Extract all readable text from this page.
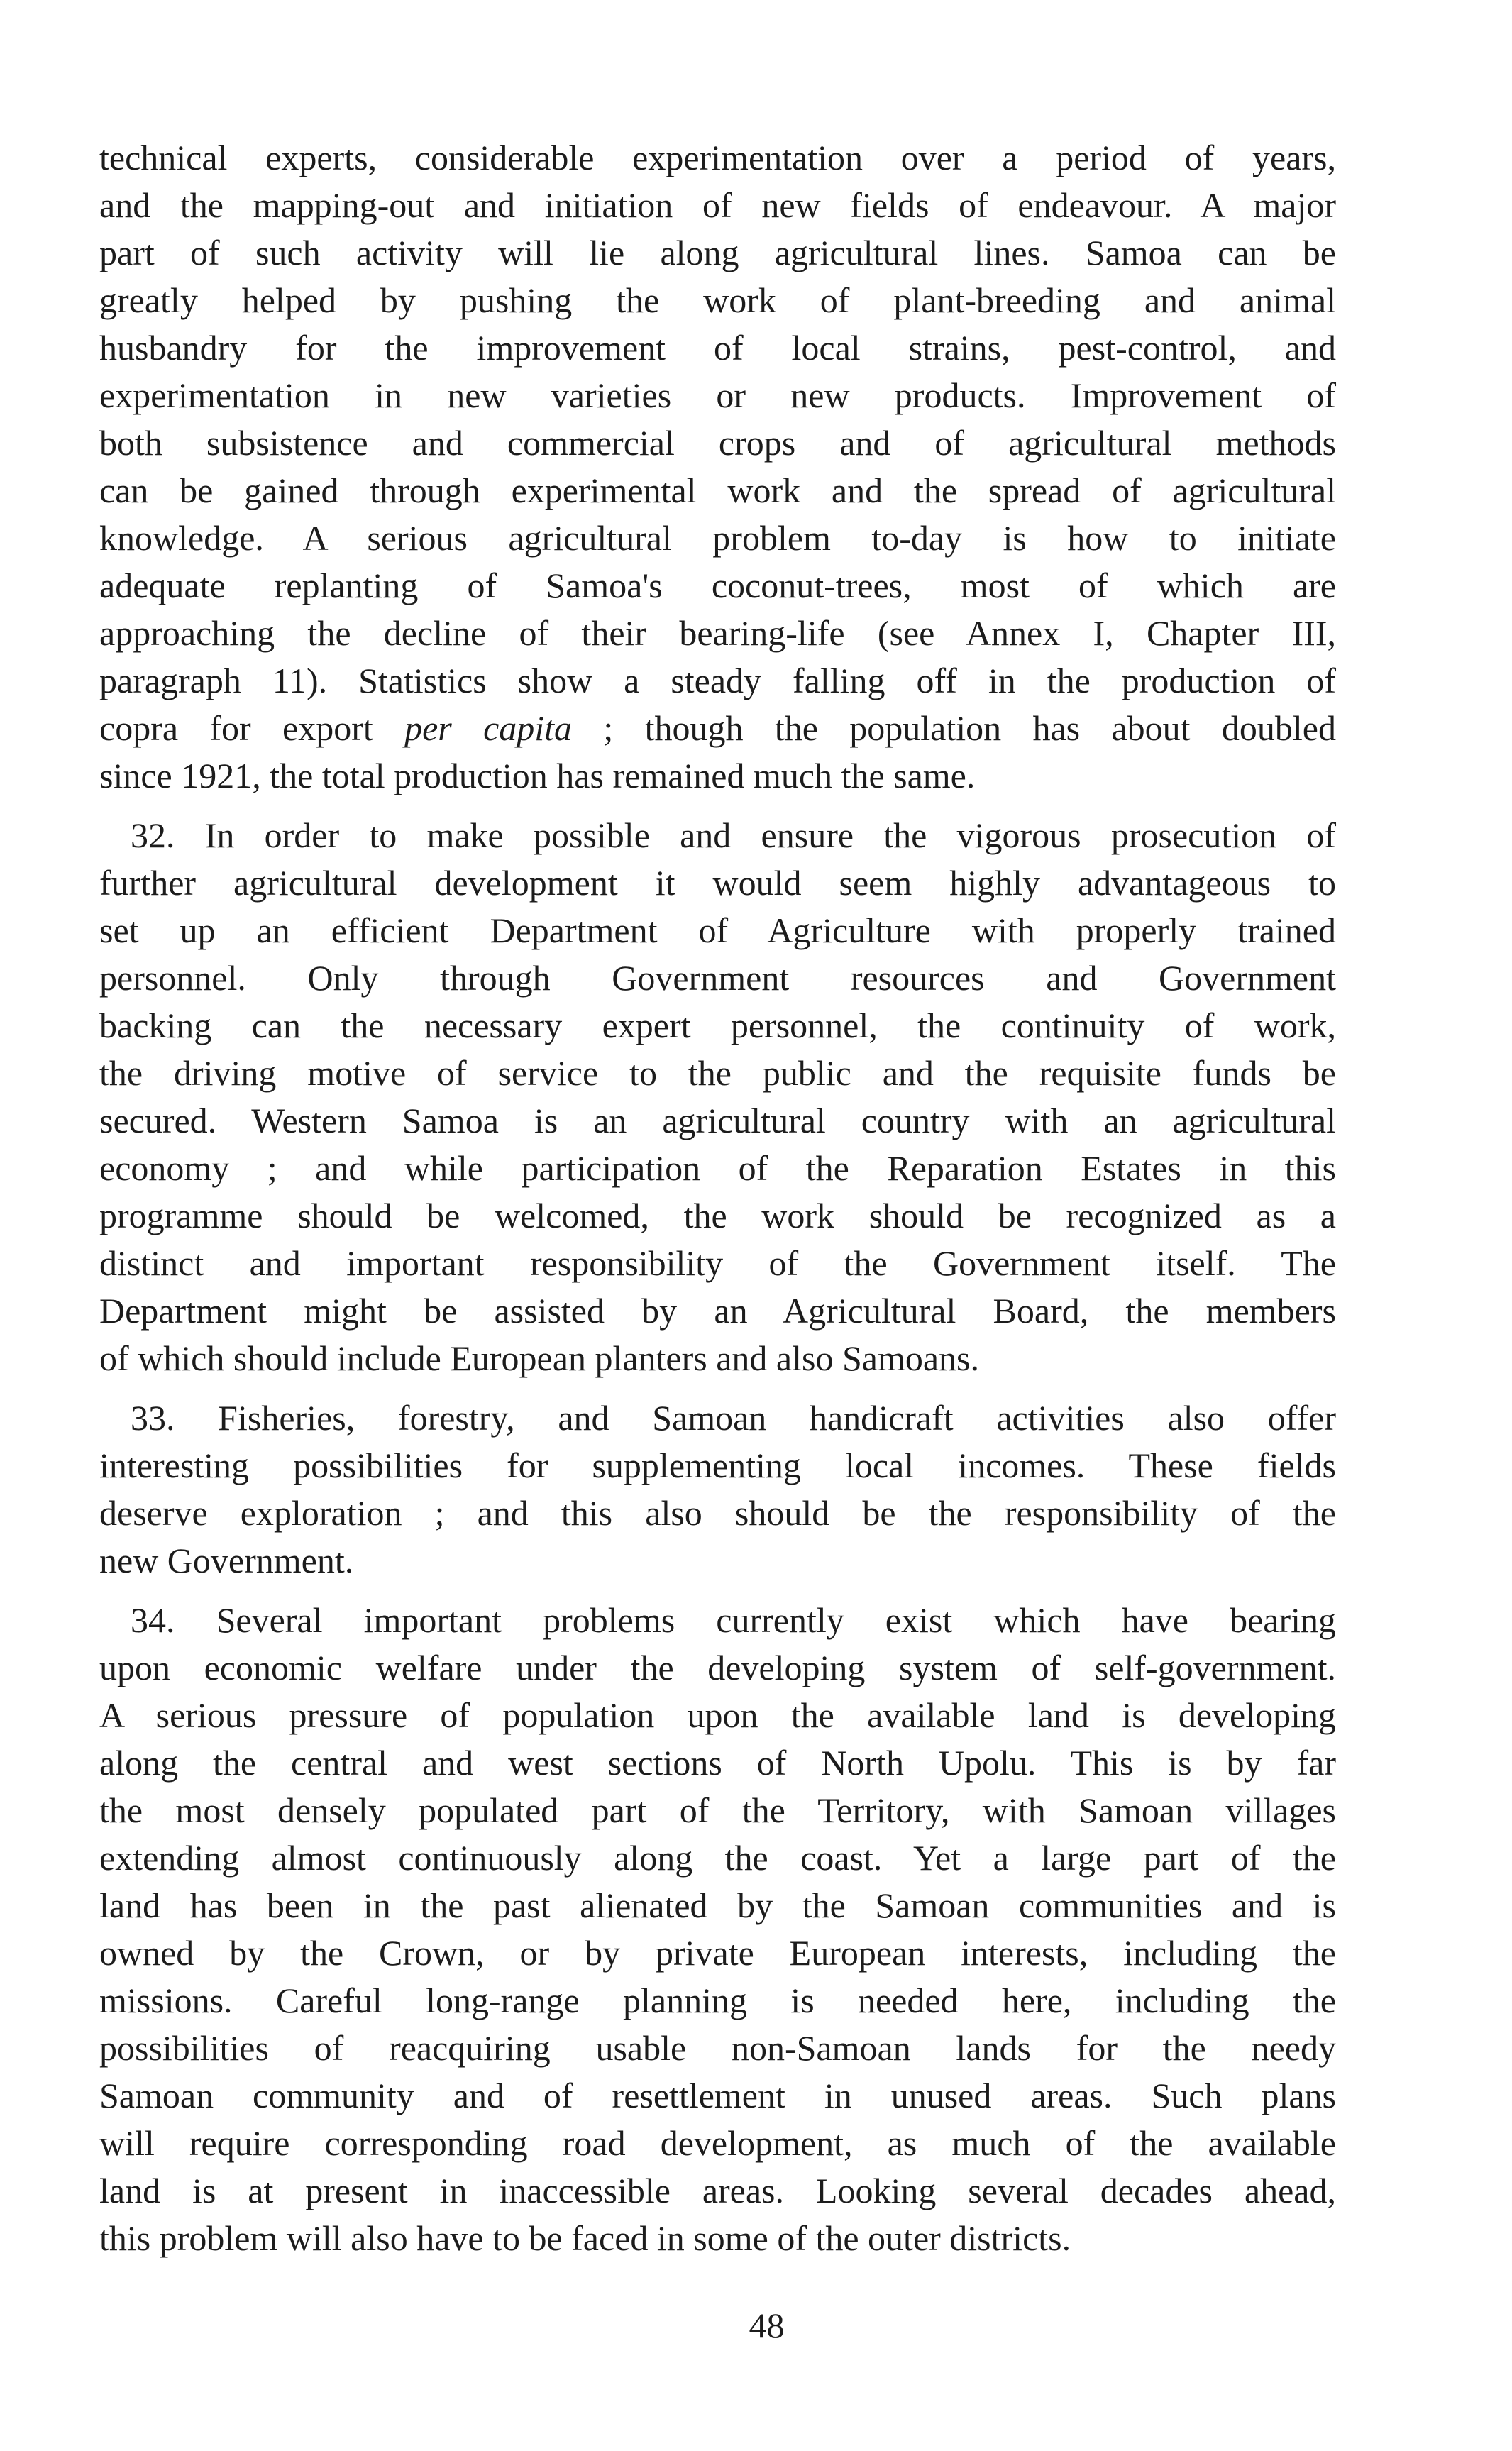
technical experts, considerable experimentation over a period of years,
and the mapping-out and initiation of new fields of endeavour. A major
part of such activity will lie along agricultural lines. Samoa can be
greatly helped by pushing the work of plant-breeding and animal
husbandry for the improvement of local strains, pest-control, and
experimentation in new varieties or new products. Improvement of
both subsistence and commercial crops and of agricultural methods
can be gained through experimental work and the spread of agricultural
knowledge. A serious agricultural problem to-day is how to initiate
adequate replanting of Samoa's coconut-trees, most of which are
approaching the decline of their bearing-life (see Annex I, Chapter III,
paragraph 11). Statistics show a steady falling off in the production of
copra for export per capita ; though the population has about doubled
since 1921, the total production has remained much the same.
32. In order to make possible and ensure the vigorous prosecution of
further agricultural development it would seem highly advantageous to
set up an efficient Department of Agriculture with properly trained
personnel. Only through Government resources and Government
backing can the necessary expert personnel, the continuity of work,
the driving motive of service to the public and the requisite funds be
secured. Western Samoa is an agricultural country with an agricultural
economy ; and while participation of the Reparation Estates in this
programme should be welcomed, the work should be recognized as a
distinct and important responsibility of the Government itself. The
Department might be assisted by an Agricultural Board, the members
of which should include European planters and also Samoans.
33. Fisheries, forestry, and Samoan handicraft activities also offer
interesting possibilities for supplementing local incomes. These fields
deserve exploration ; and this also should be the responsibility of the
new Government.
34. Several important problems currently exist which have bearing
upon economic welfare under the developing system of self-government.
A serious pressure of population upon the available land is developing
along the central and west sections of North Upolu. This is by far
the most densely populated part of the Territory, with Samoan villages
extending almost continuously along the coast. Yet a large part of the
land has been in the past alienated by the Samoan communities and is
owned by the Crown, or by private European interests, including the
missions. Careful long-range planning is needed here, including the
possibilities of reacquiring usable non-Samoan lands for the needy
Samoan community and of resettlement in unused areas. Such plans
will require corresponding road development, as much of the available
land is at present in inaccessible areas. Looking several decades ahead,
this problem will also have to be faced in some of the outer districts.
48
